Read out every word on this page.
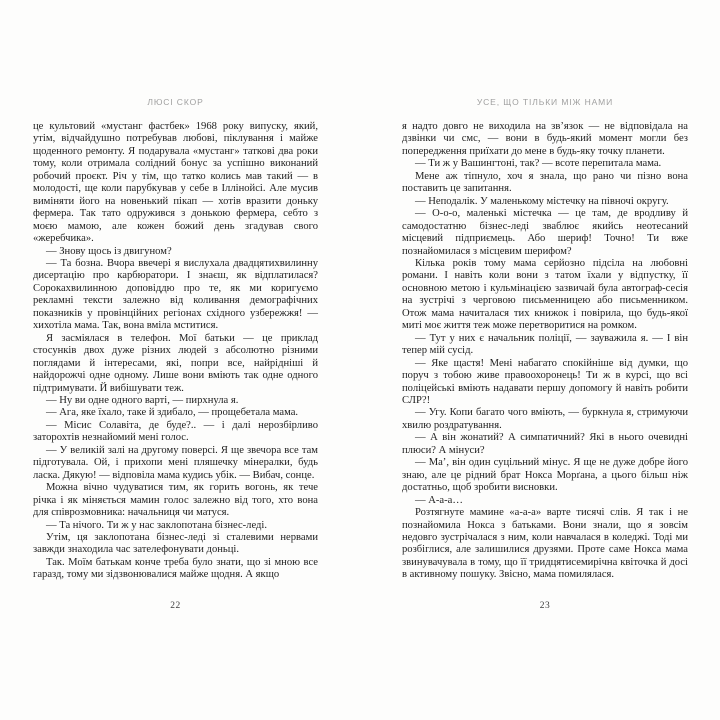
ЛЮСІ СКОР

це культовий «мустанг фастбек» 1968 року випуску, який, утім, відчайдушно потребував любові, піклування і майже щоденного ремонту. Я подарувала «мустанг» таткові два роки тому, коли отримала солідний бонус за успішно виконаний робочий проєкт. Річ у тім, що татко колись мав такий — в молодості, ще коли парубкував у себе в Іллінойсі. Але мусив виміняти його на новенький пікап — хотів вразити доньку фермера. Так тато одружився з донькою фермера, себто з моєю мамою, але кожен божий день згадував свого «жеребчика».

— Знову щось із двигуном?

— Та бозна. Вчора ввечері я вислухала двадцятихвилинну дисертацію про карбюратори. І знаєш, як відплатилася? Сорокахвилинною доповіддю про те, як ми коригуємо рекламні тексти залежно від коливання демографічних показників у провінційних регіонах східного узбережжя! — хихотіла мама. Так, вона вміла мститися.

Я засміялася в телефон. Мої батьки — це приклад стосунків двох дуже різних людей з абсолютно різними поглядами й інтересами, які, попри все, найрідніші й найдорожчі одне одному. Лише вони вміють так одне одного підтримувати. Й вибішувати теж.

— Ну ви одне одного варті, — пирхнула я.

— Ага, яке їхало, таке й здибало, — прощебетала мама.

— Місис Солавіта, де буде?.. — і далі нерозбірливо заторохтів незнайомий мені голос.

— У великій залі на другому поверсі. Я ще звечора все там підготувала. Ой, і прихопи мені пляшечку мінералки, будь ласка. Дякую! — відповіла мама кудись убік. — Вибач, сонце.

Можна вічно чудуватися тим, як горить вогонь, як тече річка і як міняється мамин голос залежно від того, хто вона для співрозмовника: начальниця чи матуся.

— Та нічого. Ти ж у нас заклопотана бізнес-леді.

Утім, ця заклопотана бізнес-леді зі сталевими нервами завжди знаходила час зателефонувати доньці.

Так. Моїм батькам конче треба було знати, що зі мною все гаразд, тому ми зідзвонювалися майже щодня. А якщо

22
УСЕ, ЩО ТІЛЬКИ МІЖ НАМИ

я надто довго не виходила на зв’язок — не відповідала на дзвінки чи смс, — вони в будь-який момент могли без попередження приїхати до мене в будь-яку точку планети.

— Ти ж у Вашингтоні, так? — всоте перепитала мама.

Мене аж тіпнуло, хоч я знала, що рано чи пізно вона поставить це запитання.

— Неподалік. У маленькому містечку на півночі округу.

— О-о-о, маленькі містечка — це там, де вродливу й самодостатню бізнес-леді зваблює якийсь неотесаний місцевий підприємець. Або шериф! Точно! Ти вже познайомилася з місцевим шерифом?

Кілька років тому мама серйозно підсіла на любовні романи. І навіть коли вони з татом їхали у відпустку, її основною метою і кульмінацією зазвичай була автограф-сесія на зустрічі з черговою письменницею або письменником. Отож мама начиталася тих книжок і повірила, що будь-якої миті моє життя теж може перетворитися на ромком.

— Тут у них є начальник поліції, — зауважила я. — І він тепер мій сусід.

— Яке щастя! Мені набагато спокійніше від думки, що поруч з тобою живе правоохоронець! Ти ж в курсі, що всі поліцейські вміють надавати першу допомогу й навіть робити СЛР?!

— Угу. Копи багато чого вміють, — буркнула я, стримуючи хвилю роздратування.

— А він жонатий? А симпатичний? Які в нього очевидні плюси? А мінуси?

— Ма’, він один суцільний мінус. Я ще не дуже добре його знаю, але це рідний брат Нокса Морґана, а цього більш ніж достатньо, щоб зробити висновки.

— А-а-а…

Розтягнуте мамине «а-а-а» варте тисячі слів. Я так і не познайомила Нокса з батьками. Вони знали, що я зовсім недовго зустрічалася з ним, коли навчалася в коледжі. Тоді ми розбіглися, але залишилися друзями. Проте саме Нокса мама звинувачувала в тому, що її тридцятисемирічна квіточка й досі в активному пошуку. Звісно, мама помилялася.

23
